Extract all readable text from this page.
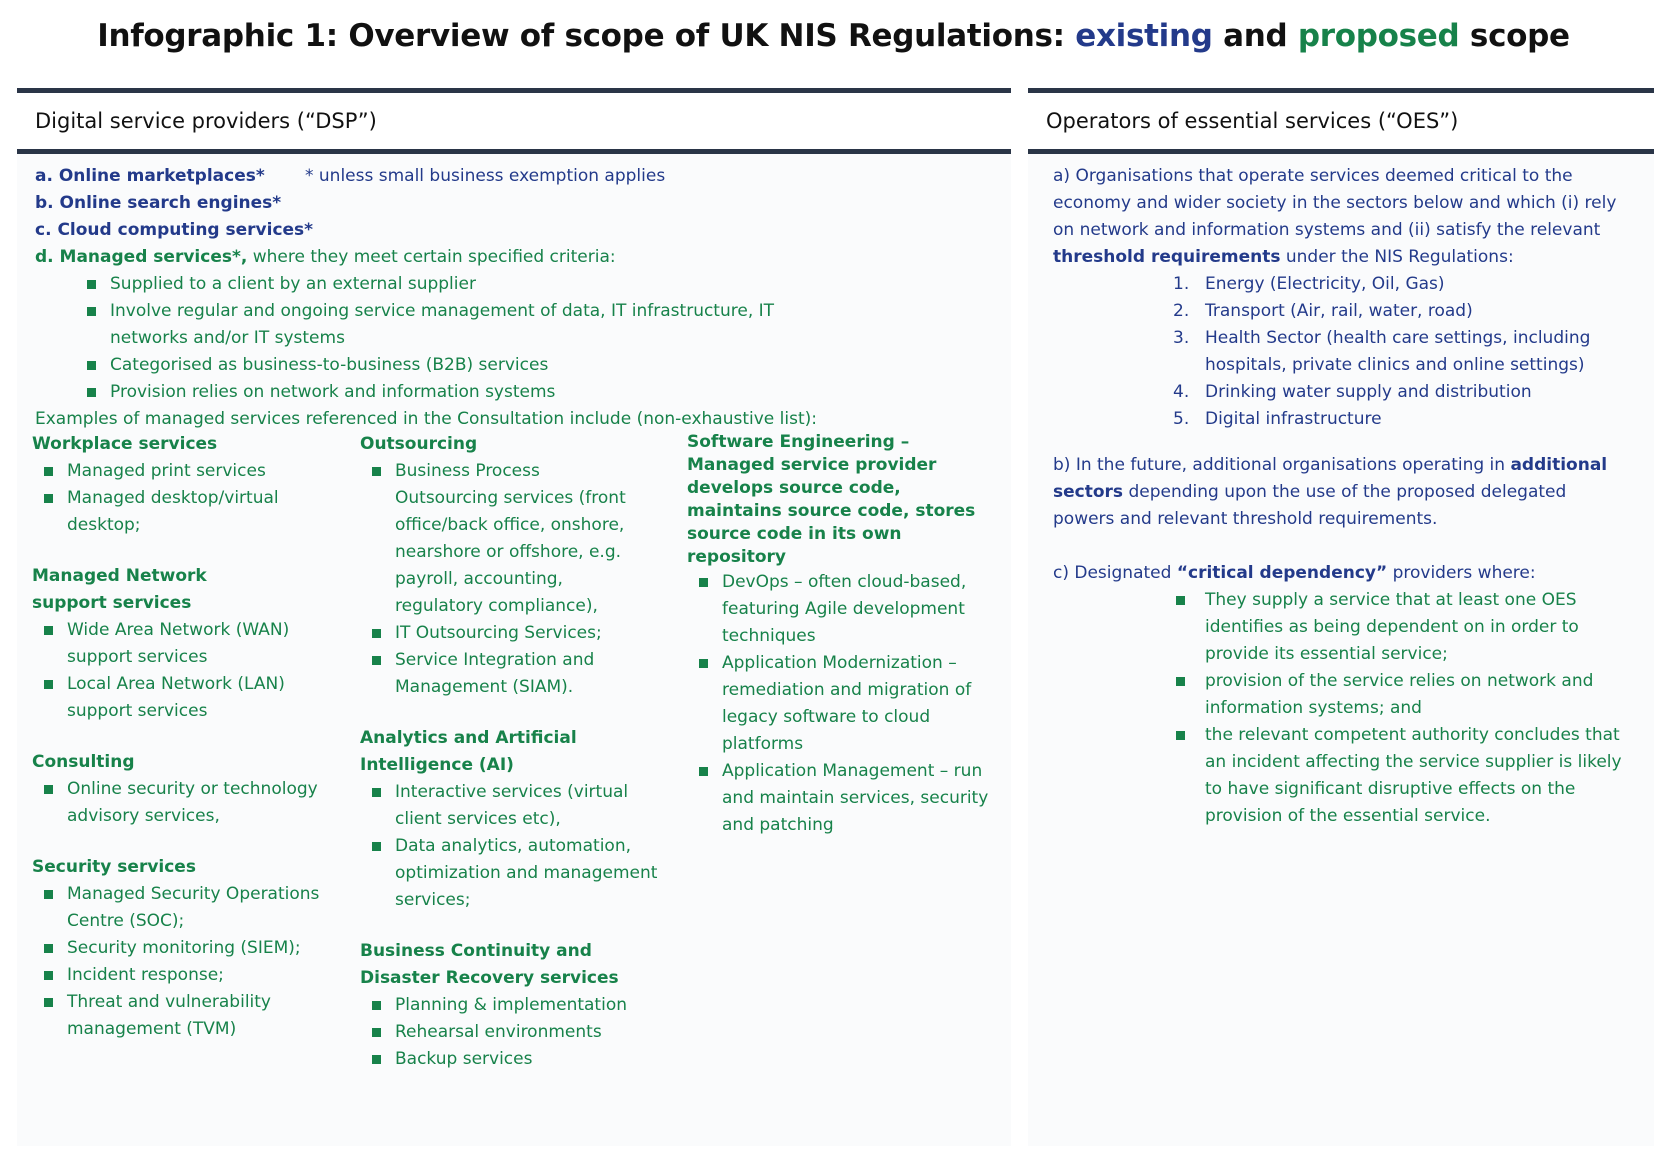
Infographic 1: Overview of scope of UK NIS Regulations: existing and proposed scope
Digital service providers (“DSP”)
a. Online marketplaces*
b. Online search engines*
c. Cloud computing services*
d. Managed services*, where they meet certain specified criteria:
Supplied to a client by an external supplier
Involve regular and ongoing service management of data, IT infrastructure, IT networks and/or IT systems
Categorised as business-to-business (B2B) services
Provision relies on network and information systems
Examples of managed services referenced in the Consultation include (non-exhaustive list):
* unless small business exemption applies
Workplace services
Managed print services
Managed desktop/virtual desktop;
Managed Network support services
Wide Area Network (WAN) support services
Local Area Network (LAN) support services
Consulting
Online security or technology advisory services,
Security services
Managed Security Operations Centre (SOC);
Security monitoring (SIEM);
Incident response;
Threat and vulnerability management (TVM)
Outsourcing
Business Process Outsourcing services (front office/back office, onshore, nearshore or offshore, e.g. payroll, accounting, regulatory compliance),
IT Outsourcing Services;
Service Integration and Management (SIAM).
Analytics and Artificial Intelligence (AI)
Interactive services (virtual client services etc),
Data analytics, automation, optimization and management services;
Business Continuity and Disaster Recovery services
Planning & implementation
Rehearsal environments
Backup services
Software Engineering – Managed service provider develops source code, maintains source code, stores source code in its own repository
DevOps – often cloud-based, featuring Agile development techniques
Application Modernization – remediation and migration of legacy software to cloud platforms
Application Management – run and maintain services, security and patching
Operators of essential services (“OES”)
a) Organisations that operate services deemed critical to the economy and wider society in the sectors below and which (i) rely on network and information systems and (ii) satisfy the relevant threshold requirements under the NIS Regulations:
1. Energy (Electricity, Oil, Gas)
2. Transport (Air, rail, water, road)
3. Health Sector (health care settings, including hospitals, private clinics and online settings)
4. Drinking water supply and distribution
5. Digital infrastructure
b) In the future, additional organisations operating in additional sectors depending upon the use of the proposed delegated powers and relevant threshold requirements.
c) Designated “critical dependency” providers where:
They supply a service that at least one OES identifies as being dependent on in order to provide its essential service;
provision of the service relies on network and information systems; and
the relevant competent authority concludes that an incident affecting the service supplier is likely to have significant disruptive effects on the provision of the essential service.
